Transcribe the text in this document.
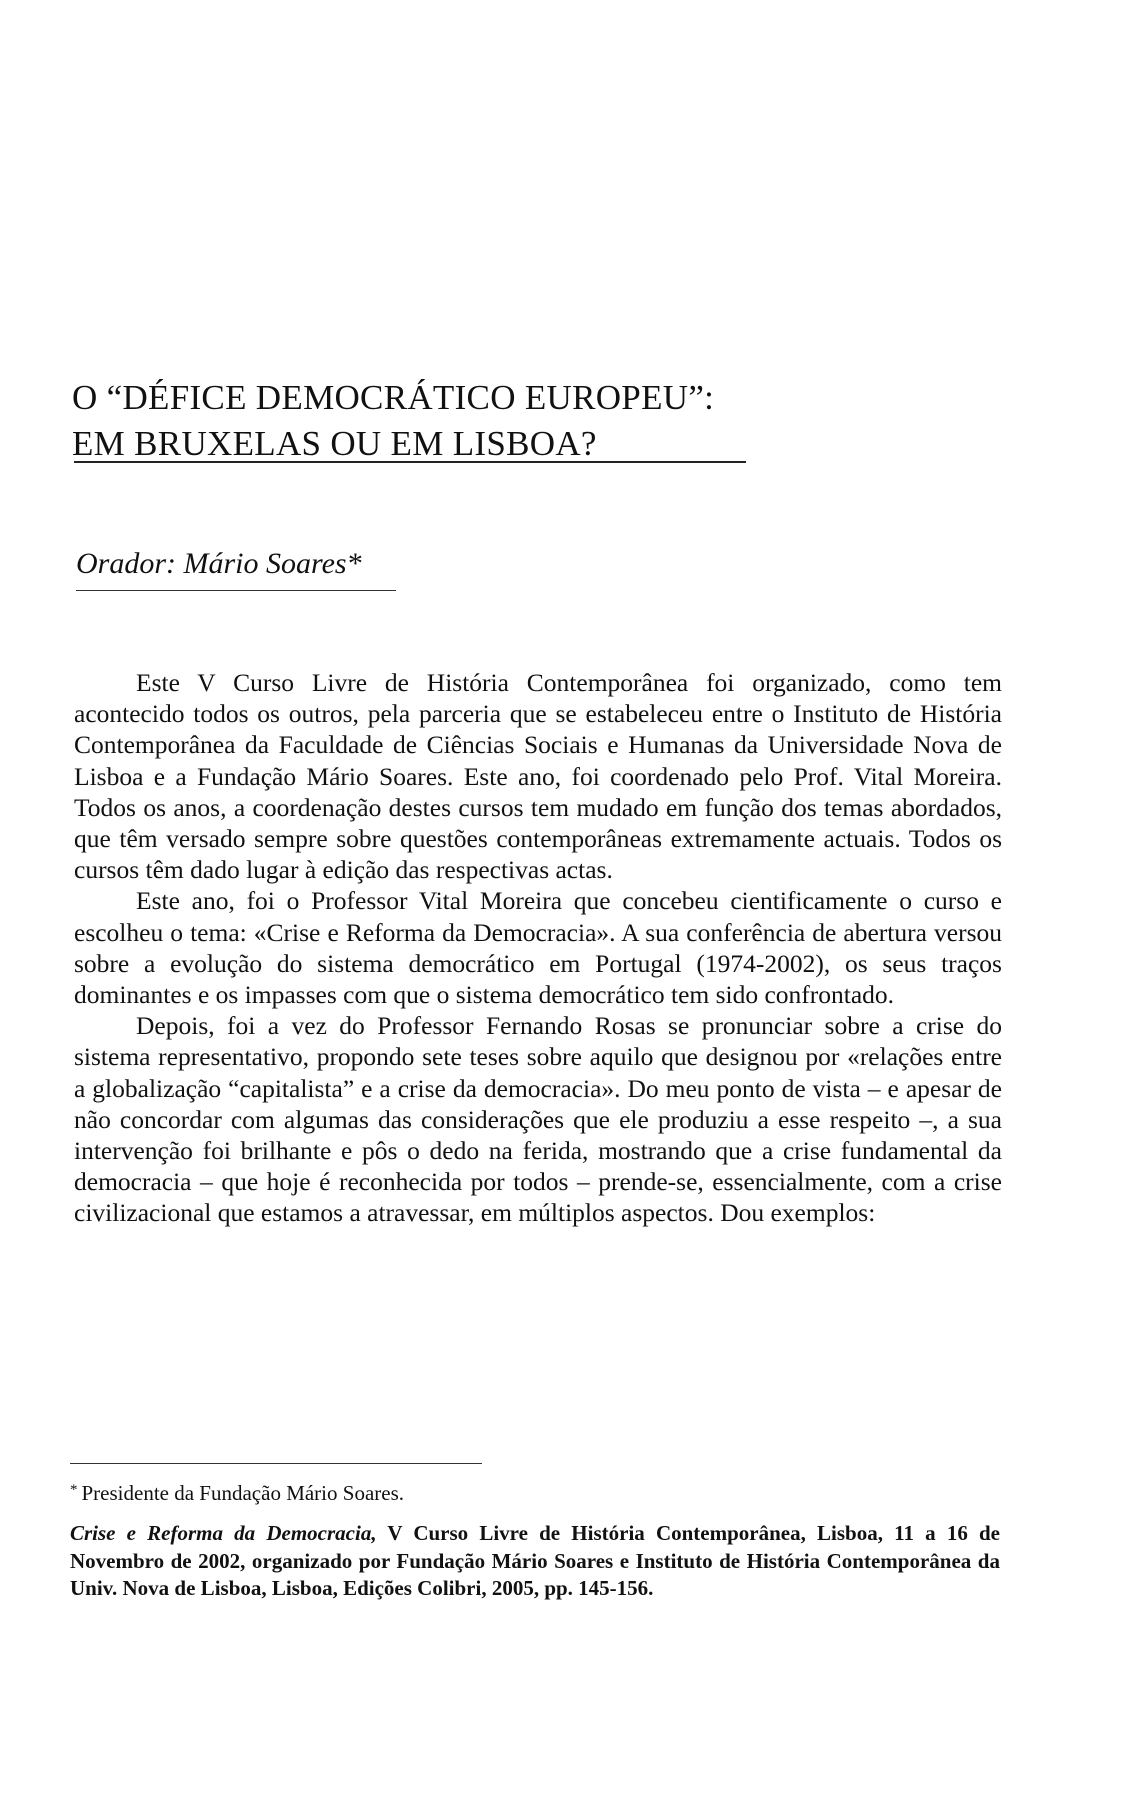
O “DÉFICE DEMOCRÁTICO EUROPEU”:
EM BRUXELAS OU EM LISBOA?
Orador: Mário Soares*

Este V Curso Livre de História Contemporânea foi organizado, como tem acontecido todos os outros, pela parceria que se estabeleceu entre o Instituto de História Contemporânea da Faculdade de Ciências Sociais e Humanas da Universidade Nova de Lisboa e a Fundação Mário Soares. Este ano, foi coordenado pelo Prof. Vital Moreira. Todos os anos, a coordenação destes cursos tem mudado em função dos temas abordados, que têm versado sempre sobre questões contemporâneas extremamente actuais. Todos os cursos têm dado lugar à edição das respectivas actas.

Este ano, foi o Professor Vital Moreira que concebeu cientificamente o curso e escolheu o tema: «Crise e Reforma da Democracia». A sua conferência de abertura versou sobre a evolução do sistema democrático em Portugal (1974-2002), os seus traços dominantes e os impasses com que o sistema democrático tem sido confrontado.

Depois, foi a vez do Professor Fernando Rosas se pronunciar sobre a crise do sistema representativo, propondo sete teses sobre aquilo que designou por «relações entre a globalização “capitalista” e a crise da democracia». Do meu ponto de vista – e apesar de não concordar com algumas das considerações que ele produziu a esse respeito –, a sua intervenção foi brilhante e pôs o dedo na ferida, mostrando que a crise fundamental da democracia – que hoje é reconhecida por todos – prende-se, essencialmente, com a crise civilizacional que estamos a atravessar, em múltiplos aspectos. Dou exemplos:

* Presidente da Fundação Mário Soares.
Crise e Reforma da Democracia, V Curso Livre de História Contemporânea, Lisboa, 11 a 16 de Novembro de 2002, organizado por Fundação Mário Soares e Instituto de História Contemporânea da Univ. Nova de Lisboa, Lisboa, Edições Colibri, 2005, pp. 145-156.
